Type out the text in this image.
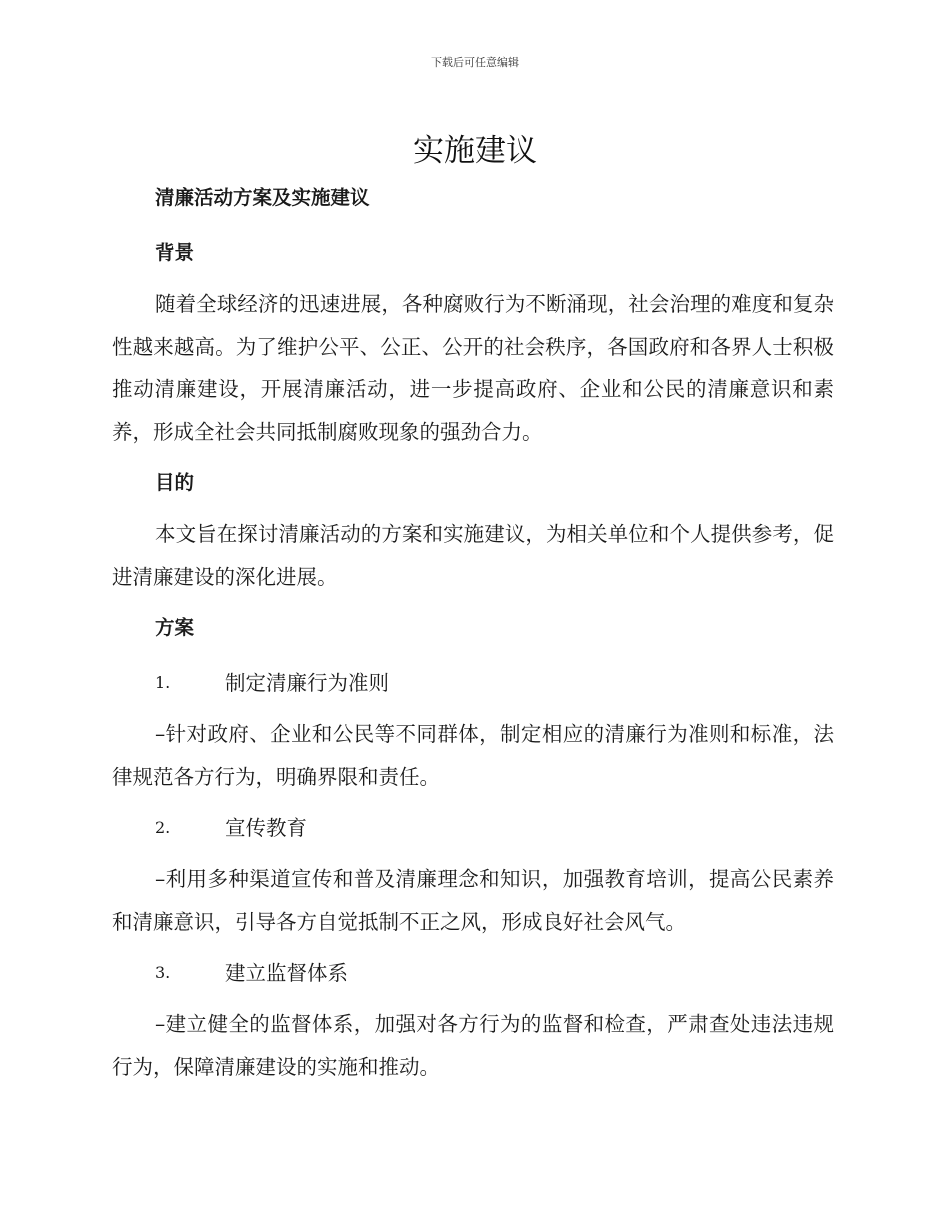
下载后可任意编辑
实施建议

清廉活动方案及实施建议

背景

随着全球经济的迅速进展，各种腐败行为不断涌现，社会治理的难度和复杂性越来越高。为了维护公平、公正、公开的社会秩序，各国政府和各界人士积极推动清廉建设，开展清廉活动，进一步提高政府、企业和公民的清廉意识和素养，形成全社会共同抵制腐败现象的强劲合力。

目的

本文旨在探讨清廉活动的方案和实施建议，为相关单位和个人提供参考，促进清廉建设的深化进展。

方案

1.	制定清廉行为准则

–针对政府、企业和公民等不同群体，制定相应的清廉行为准则和标准，法律规范各方行为，明确界限和责任。

2.	宣传教育

–利用多种渠道宣传和普及清廉理念和知识，加强教育培训，提高公民素养和清廉意识，引导各方自觉抵制不正之风，形成良好社会风气。

3.	建立监督体系

–建立健全的监督体系，加强对各方行为的监督和检查，严肃查处违法违规行为，保障清廉建设的实施和推动。
